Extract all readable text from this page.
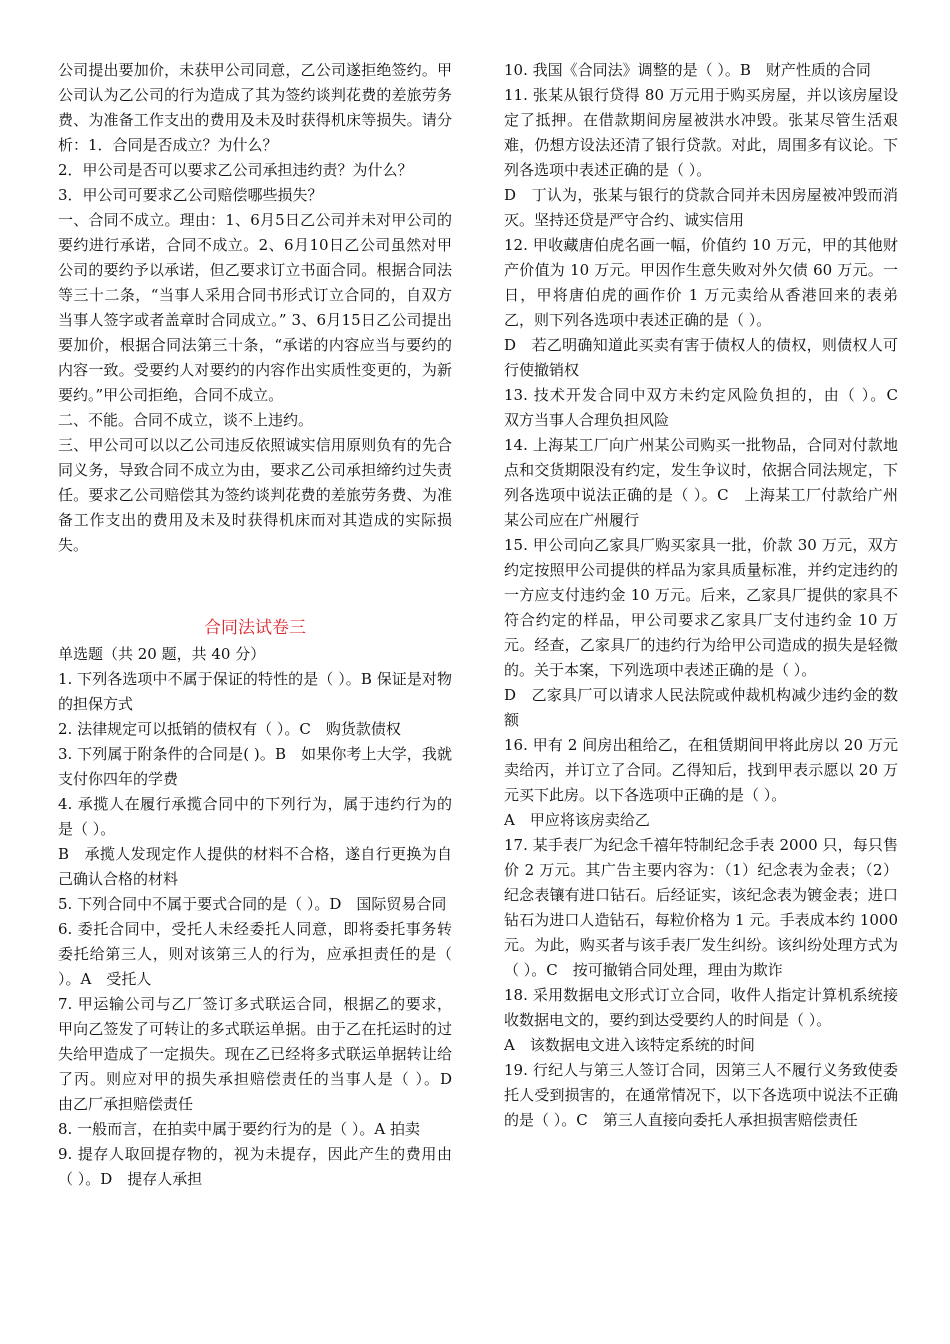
公司提出要加价，未获甲公司同意，乙公司遂拒绝签约。甲公司认为乙公司的行为造成了其为签约谈判花费的差旅劳务费、为准备工作支出的费用及未及时获得机床等损失。请分析：1．合同是否成立？为什么？

2．甲公司是否可以要求乙公司承担违约责？为什么？

3．甲公司可要求乙公司赔偿哪些损失？

一、合同不成立。理由：1、6月5日乙公司并未对甲公司的要约进行承诺，合同不成立。2、6月10日乙公司虽然对甲公司的要约予以承诺，但乙要求订立书面合同。根据合同法等三十二条，“当事人采用合同书形式订立合同的，自双方当事人签字或者盖章时合同成立。” 3、6月15日乙公司提出要加价，根据合同法第三十条，“承诺的内容应当与要约的内容一致。受要约人对要约的内容作出实质性变更的，为新要约。”甲公司拒绝，合同不成立。

二、不能。合同不成立，谈不上违约。

三、甲公司可以以乙公司违反依照诚实信用原则负有的先合同义务，导致合同不成立为由，要求乙公司承担缔约过失责任。要求乙公司赔偿其为签约谈判花费的差旅劳务费、为准备工作支出的费用及未及时获得机床而对其造成的实际损失。

合同法试卷三

单选题（共 20 题，共 40 分）

1. 下列各选项中不属于保证的特性的是（ ）。B 保证是对物的担保方式

2. 法律规定可以抵销的债权有（ ）。C　购货款债权

3. 下列属于附条件的合同是( )。B　如果你考上大学，我就支付你四年的学费

4. 承揽人在履行承揽合同中的下列行为，属于违约行为的是（ ）。

B　承揽人发现定作人提供的材料不合格，遂自行更换为自己确认合格的材料

5. 下列合同中不属于要式合同的是（ ）。D　国际贸易合同

6. 委托合同中，受托人未经委托人同意，即将委托事务转委托给第三人，则对该第三人的行为，应承担责任的是（ ）。A　受托人

7. 甲运输公司与乙厂签订多式联运合同，根据乙的要求，甲向乙签发了可转让的多式联运单据。由于乙在托运时的过失给甲造成了一定损失。现在乙已经将多式联运单据转让给了丙。则应对甲的损失承担赔偿责任的当事人是（ ）。D　由乙厂承担赔偿责任

8. 一般而言，在拍卖中属于要约行为的是（ ）。A 拍卖

9. 提存人取回提存物的，视为未提存，因此产生的费用由（ ）。D　提存人承担

10. 我国《合同法》调整的是（ ）。B　财产性质的合同

11. 张某从银行贷得 80 万元用于购买房屋，并以该房屋设定了抵押。在借款期间房屋被洪水冲毁。张某尽管生活艰难，仍想方设法还清了银行贷款。对此，周围多有议论。下列各选项中表述正确的是（ ）。

D　丁认为，张某与银行的贷款合同并未因房屋被冲毁而消灭。坚持还贷是严守合约、诚实信用

12. 甲收藏唐伯虎名画一幅，价值约 10 万元，甲的其他财产价值为 10 万元。甲因作生意失败对外欠债 60 万元。一日，甲将唐伯虎的画作价 1 万元卖给从香港回来的表弟乙，则下列各选项中表述正确的是（ ）。

D　若乙明确知道此买卖有害于债权人的债权，则债权人可行使撤销权

13. 技术开发合同中双方未约定风险负担的，由（ ）。C　双方当事人合理负担风险

14. 上海某工厂向广州某公司购买一批物品，合同对付款地点和交货期限没有约定，发生争议时，依据合同法规定，下列各选项中说法正确的是（ ）。C　上海某工厂付款给广州某公司应在广州履行

15. 甲公司向乙家具厂购买家具一批，价款 30 万元，双方约定按照甲公司提供的样品为家具质量标准，并约定违约的一方应支付违约金 10 万元。后来，乙家具厂提供的家具不符合约定的样品，甲公司要求乙家具厂支付违约金 10 万元。经查，乙家具厂的违约行为给甲公司造成的损失是轻微的。关于本案，下列选项中表述正确的是（ ）。

D　乙家具厂可以请求人民法院或仲裁机构减少违约金的数额

16. 甲有 2 间房出租给乙，在租赁期间甲将此房以 20 万元卖给丙，并订立了合同。乙得知后，找到甲表示愿以 20 万元买下此房。以下各选项中正确的是（ ）。

A　甲应将该房卖给乙

17. 某手表厂为纪念千禧年特制纪念手表 2000 只，每只售价 2 万元。其广告主要内容为：（1）纪念表为金表；（2）纪念表镶有进口钻石。后经证实，该纪念表为镀金表；进口钻石为进口人造钻石，每粒价格为 1 元。手表成本约 1000 元。为此，购买者与该手表厂发生纠纷。该纠纷处理方式为（ ）。C　按可撤销合同处理，理由为欺诈

18. 采用数据电文形式订立合同，收件人指定计算机系统接收数据电文的，要约到达受要约人的时间是（ ）。

A　该数据电文进入该特定系统的时间

19. 行纪人与第三人签订合同，因第三人不履行义务致使委托人受到损害的，在通常情况下，以下各选项中说法不正确的是（ ）。C　第三人直接向委托人承担损害赔偿责任
